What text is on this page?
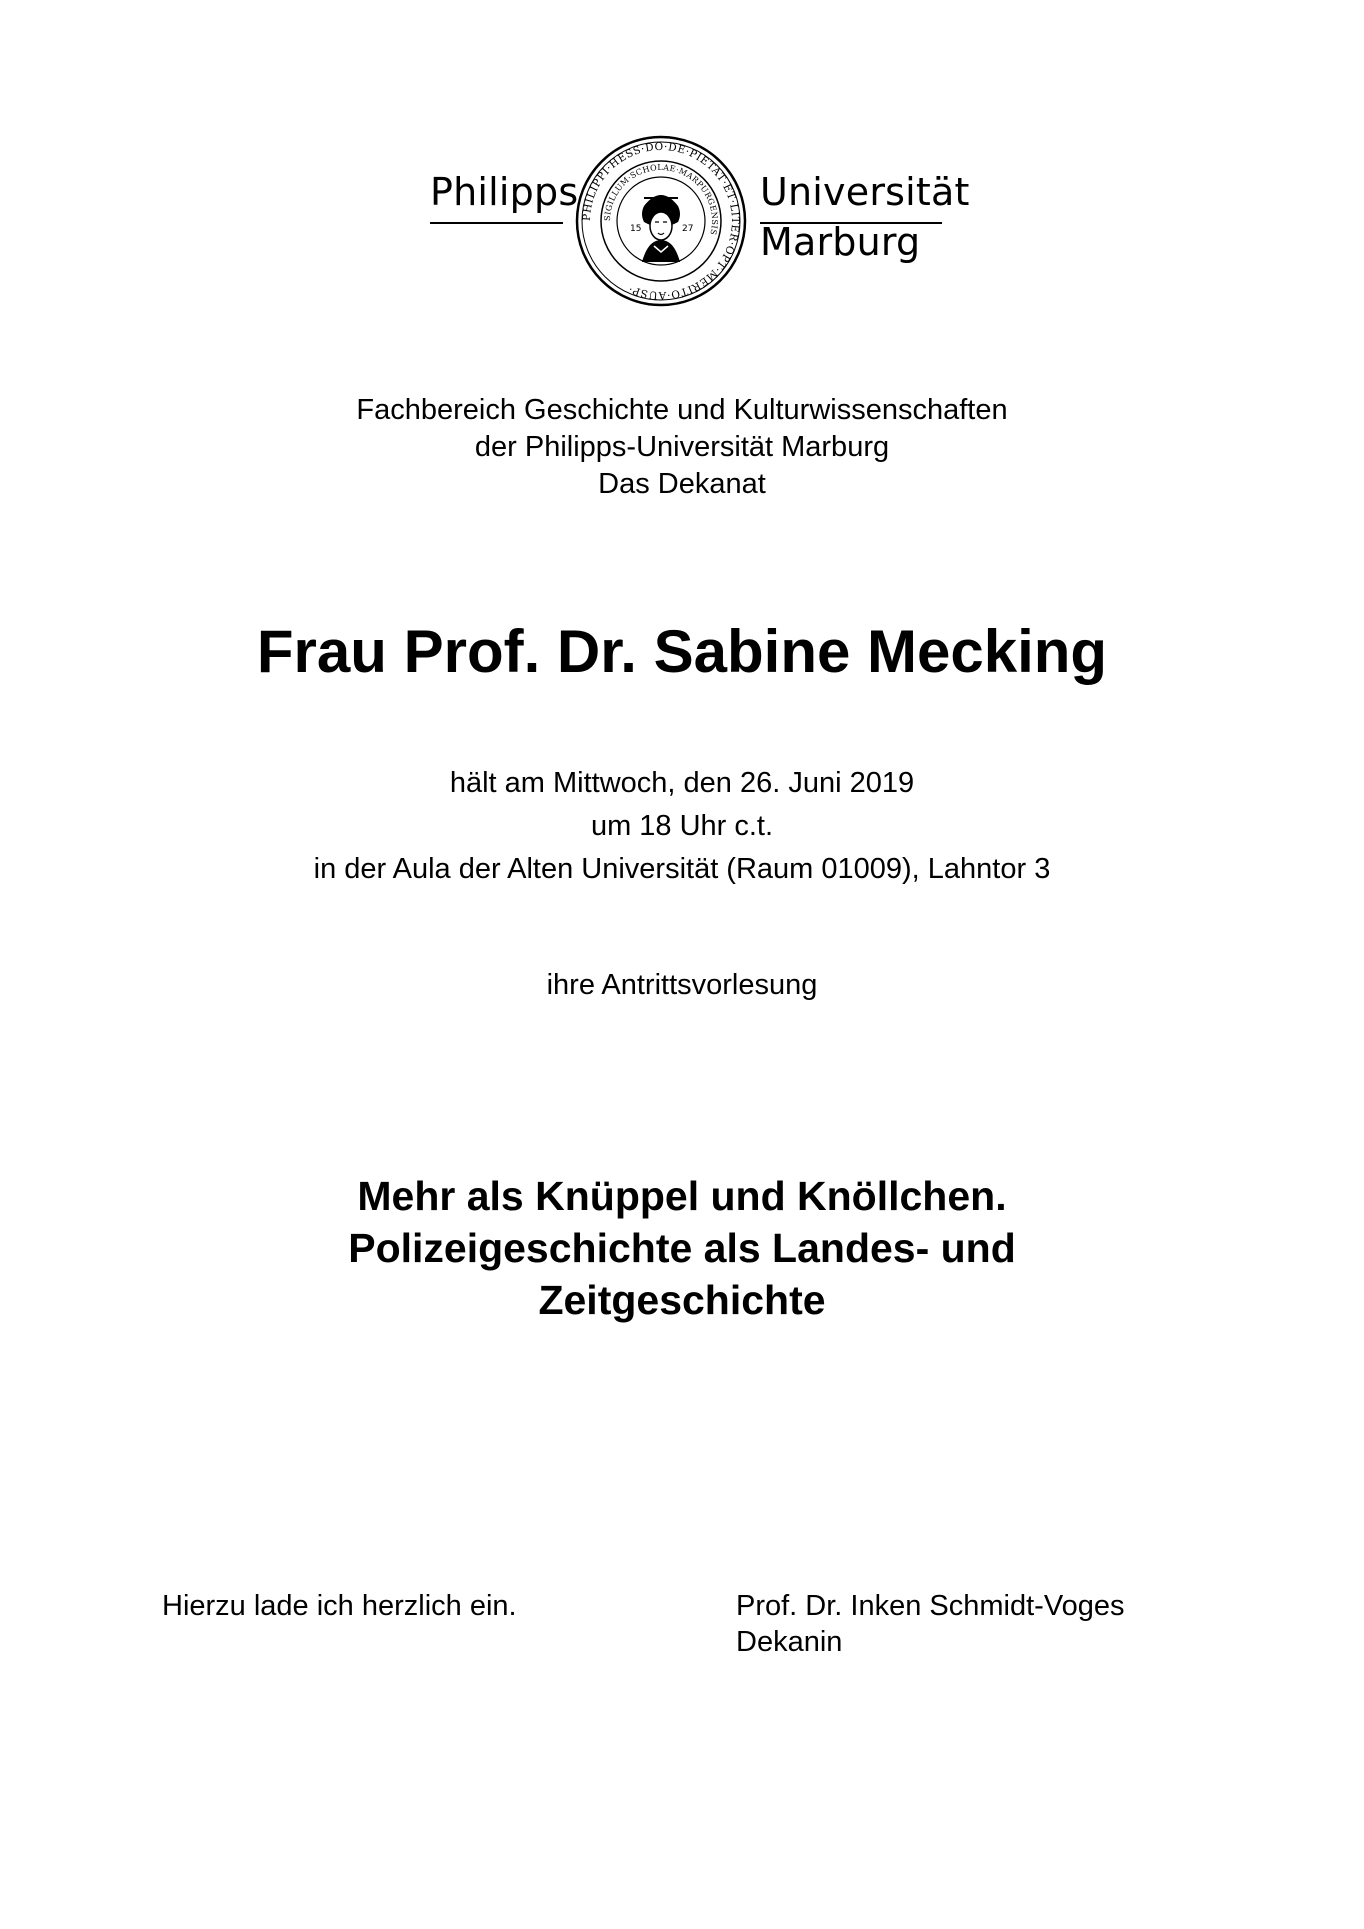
Philipps
PHILIPPI·HESS·DO·DE·PIETAT·ET·LITER·OPT·MERITO·AUSP·
SIGILLUM·SCHOLAE·MARPURGENSIS
15	27
Universität
Marburg
Fachbereich Geschichte und Kulturwissenschaften
der Philipps-Universität Marburg
Das Dekanat
Frau Prof. Dr. Sabine Mecking
hält am Mittwoch, den 26. Juni 2019
um 18 Uhr c.t.
in der Aula der Alten Universität (Raum 01009), Lahntor 3
ihre Antrittsvorlesung
Mehr als Knüppel und Knöllchen.
Polizeigeschichte als Landes- und
Zeitgeschichte
Hierzu lade ich herzlich ein.	Prof. Dr. Inken Schmidt-Voges
Dekanin
